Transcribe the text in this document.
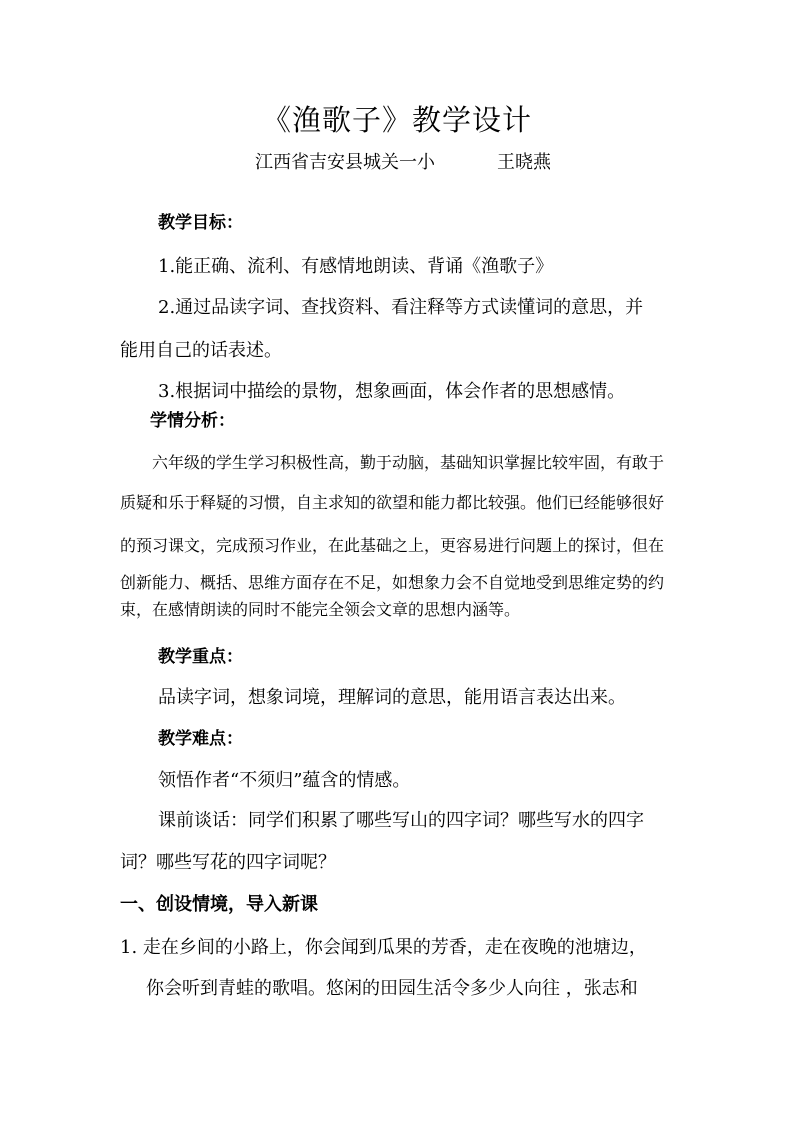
《渔歌子》教学设计
江西省吉安县城关一小	王晓燕
教学目标：
1.能正确、流利、有感情地朗读、背诵《渔歌子》
2.通过品读字词、查找资料、看注释等方式读懂词的意思，并
能用自己的话表述。
3.根据词中描绘的景物，想象画面，体会作者的思想感情。
学情分析：
六年级的学生学习积极性高，勤于动脑，基础知识掌握比较牢固，有敢于
质疑和乐于释疑的习惯，自主求知的欲望和能力都比较强。他们已经能够很好
的预习课文，完成预习作业，在此基础之上，更容易进行问题上的探讨，但在
创新能力、概括、思维方面存在不足，如想象力会不自觉地受到思维定势的约
束，在感情朗读的同时不能完全领会文章的思想内涵等。
教学重点：
品读字词，想象词境，理解词的意思，能用语言表达出来。
教学难点：
领悟作者“不须归”蕴含的情感。
课前谈话：同学们积累了哪些写山的四字词？哪些写水的四字
词？哪些写花的四字词呢？
一、创设情境，导入新课
1. 走在乡间的小路上，你会闻到瓜果的芳香，走在夜晚的池塘边，
你会听到青蛙的歌唱。悠闲的田园生活令多少人向往 ，张志和
